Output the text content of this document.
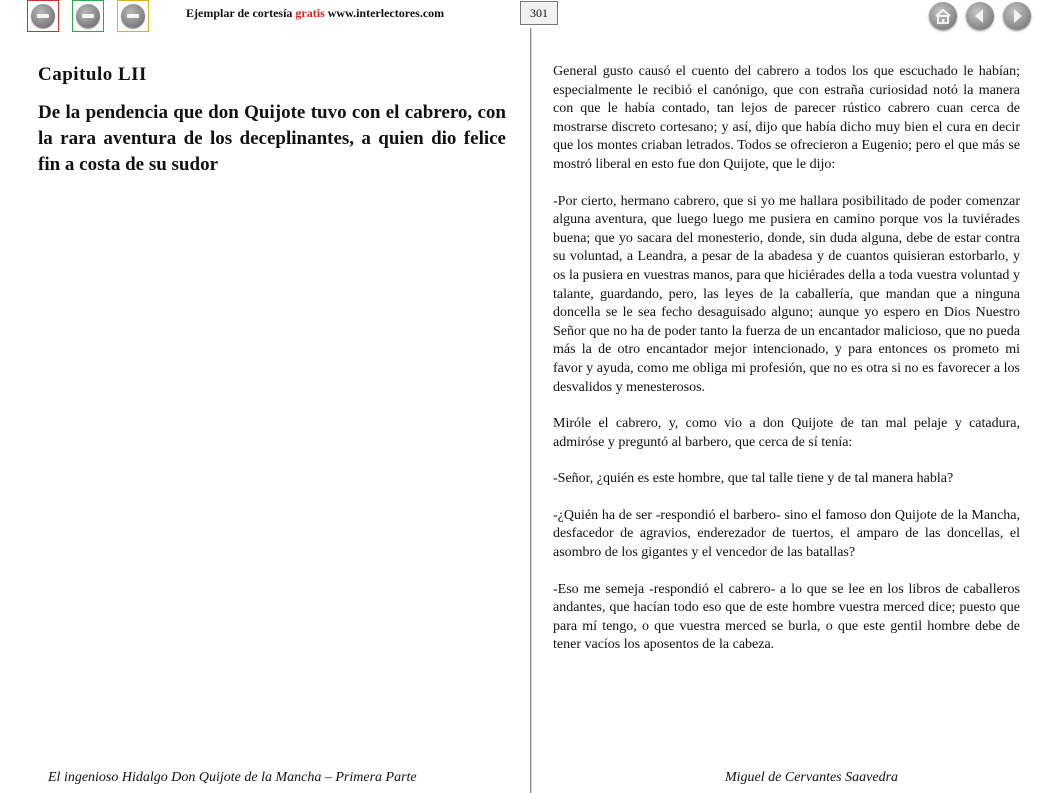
Ejemplar de cortesía gratis www.interlectores.com	301
Capitulo LII
De la pendencia que don Quijote tuvo con el cabrero, con la rara aventura de los deceplinantes, a quien dio felice fin a costa de su sudor

General gusto causó el cuento del cabrero a todos los que escuchado le habían; especialmente le recibió el canónigo, que con estraña curiosidad notó la manera con que le había contado, tan lejos de parecer rústico cabrero cuan cerca de mostrarse discreto cortesano; y así, dijo que había dicho muy bien el cura en decir que los montes criaban letrados. Todos se ofrecieron a Eugenio; pero el que más se mostró liberal en esto fue don Quijote, que le dijo:

-Por cierto, hermano cabrero, que si yo me hallara posibilitado de poder comenzar alguna aventura, que luego luego me pusiera en camino porque vos la tuviérades buena; que yo sacara del monesterio, donde, sin duda alguna, debe de estar contra su voluntad, a Leandra, a pesar de la abadesa y de cuantos quisieran estorbarlo, y os la pusiera en vuestras manos, para que hiciérades della a toda vuestra voluntad y talante, guardando, pero, las leyes de la caballería, que mandan que a ninguna doncella se le sea fecho desaguisado alguno; aunque yo espero en Dios Nuestro Señor que no ha de poder tanto la fuerza de un encantador malicioso, que no pueda más la de otro encantador mejor intencionado, y para entonces os prometo mi favor y ayuda, como me obliga mi profesión, que no es otra si no es favorecer a los desvalidos y menesterosos.

Miróle el cabrero, y, como vio a don Quijote de tan mal pelaje y catadura, admiróse y preguntó al barbero, que cerca de sí tenía:

-Señor, ¿quién es este hombre, que tal talle tiene y de tal manera habla?

-¿Quién ha de ser -respondió el barbero- sino el famoso don Quijote de la Mancha, desfacedor de agravios, enderezador de tuertos, el amparo de las doncellas, el asombro de los gigantes y el vencedor de las batallas?

-Eso me semeja -respondió el cabrero- a lo que se lee en los libros de caballeros andantes, que hacían todo eso que de este hombre vuestra merced dice; puesto que para mí tengo, o que vuestra merced se burla, o que este gentil hombre debe de tener vacíos los aposentos de la cabeza.

El ingenioso Hidalgo Don Quijote de la Mancha – Primera Parte	Miguel de Cervantes Saavedra
